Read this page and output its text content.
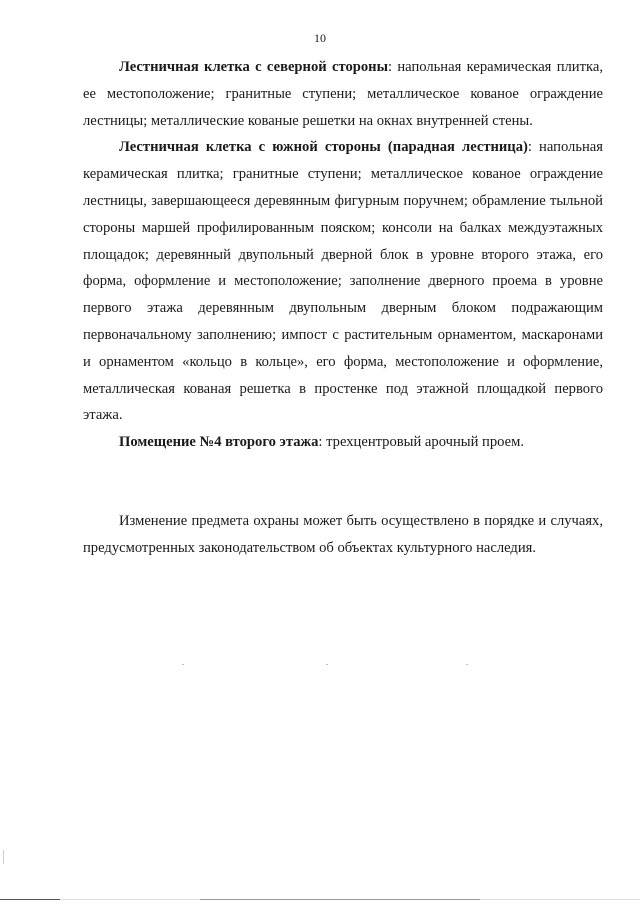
10

Лестничная клетка с северной стороны: напольная керамическая плитка, ее местоположение; гранитные ступени; металлическое кованое ограждение лестницы; металлические кованые решетки на окнах внутренней стены.

Лестничная клетка с южной стороны (парадная лестница): напольная керамическая плитка; гранитные ступени; металлическое кованое ограждение лестницы, завершающееся деревянным фигурным поручнем; обрамление тыльной стороны маршей профилированным пояском; консоли на балках междуэтажных площадок; деревянный двупольный дверной блок в уровне второго этажа, его форма, оформление и местоположение; заполнение дверного проема в уровне первого этажа деревянным двупольным дверным блоком подражающим первоначальному заполнению; импост с растительным орнаментом, маскаронами и орнаментом «кольцо в кольце», его форма, местоположение и оформление, металлическая кованая решетка в простенке под этажной площадкой первого этажа.

Помещение №4 второго этажа: трехцентровый арочный проем.

Изменение предмета охраны может быть осуществлено в порядке и случаях, предусмотренных законодательством об объектах культурного наследия.
